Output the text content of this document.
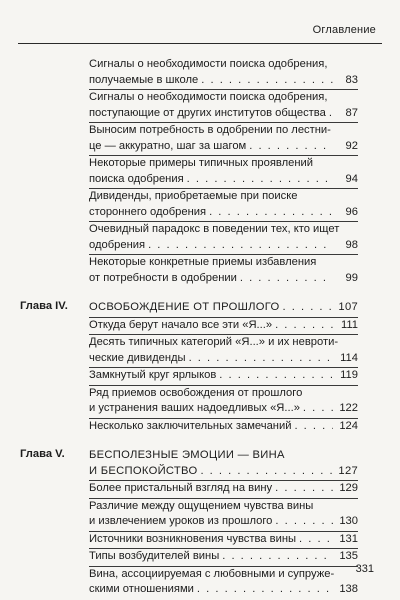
Оглавление
Сигналы о необходимости поиска одобрения,
получаемые в школе . . .	83
Сигналы о необходимости поиска одобрения,
поступающие от других институтов общества . . .	87
Выносим потребность в одобрении по лестни-
це — аккуратно, шаг за шагом . . .	92
Некоторые примеры типичных проявлений
поиска одобрения . . .	94
Дивиденды, приобретаемые при поиске
стороннего одобрения . . .	96
Очевидный парадокс в поведении тех, кто ищет
одобрения . . .	98
Некоторые конкретные приемы избавления
от потребности в одобрении . . .	99
Глава IV. ОСВОБОЖДЕНИЕ ОТ ПРОШЛОГО . . .	107
Откуда берут начало все эти «Я...» . . .	111
Десять типичных категорий «Я...» и их невроти-
ческие дивиденды . . .	114
Замкнутый круг ярлыков . . .	119
Ряд приемов освобождения от прошлого
и устранения ваших надоедливых «Я...» . . .	122
Несколько заключительных замечаний . . .	124
Глава V. БЕСПОЛЕЗНЫЕ ЭМОЦИИ — ВИНА
И БЕСПОКОЙСТВО . . .	127
Более пристальный взгляд на вину . . .	129
Различие между ощущением чувства вины
и извлечением уроков из прошлого . . .	130
Источники возникновения чувства вины . . .	131
Типы возбудителей вины . . .	135
Вина, ассоциируемая с любовными и супруже-
скими отношениями . . .	138
331
